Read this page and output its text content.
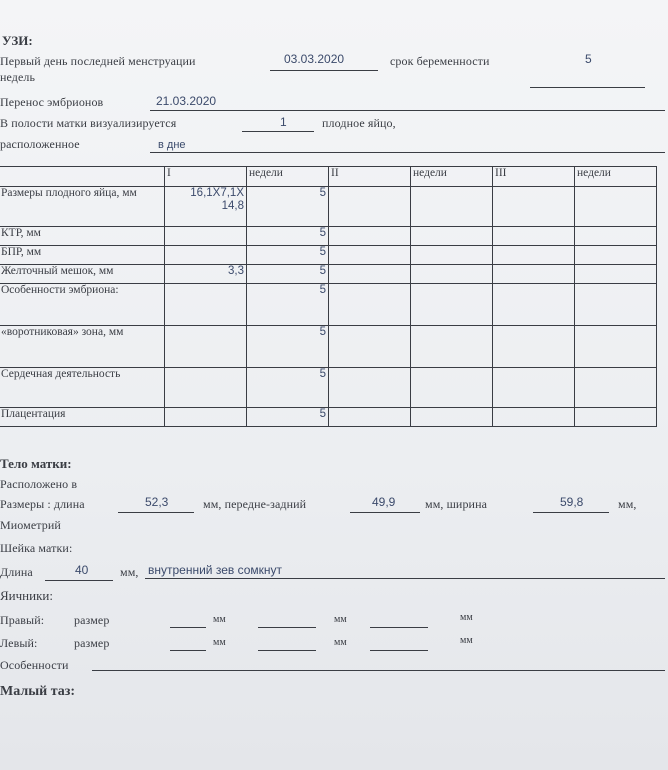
УЗИ:
Первый день последней менструации	03.03.2020	срок беременности	5
недель
Перенос эмбрионов	21.03.2020
В полости матки визуализируется	1	плодное яйцо,
расположенное	в дне
	I	недели	II	недели	III	недели
Размеры плодного яйца, мм	16,1Х7,1Х 14,8	5				
КТР, мм		5				
БПР, мм		5				
Желточный мешок, мм	3,3	5				
Особенности эмбриона:		5				
«воротниковая» зона, мм		5				
Сердечная деятельность		5				
Плацентация		5				
Тело матки:
Расположено в
Размеры : длина	52,3	мм, передне-задний	49,9 мм, ширина	59,8	мм,
Миометрий
Шейка матки:
Длина	40	мм, внутренний зев сомкнут
Яичники:
Правый: размер	мм	мм	мм
Левый:	размер	мм	мм	мм
Особенности
Малый таз:
